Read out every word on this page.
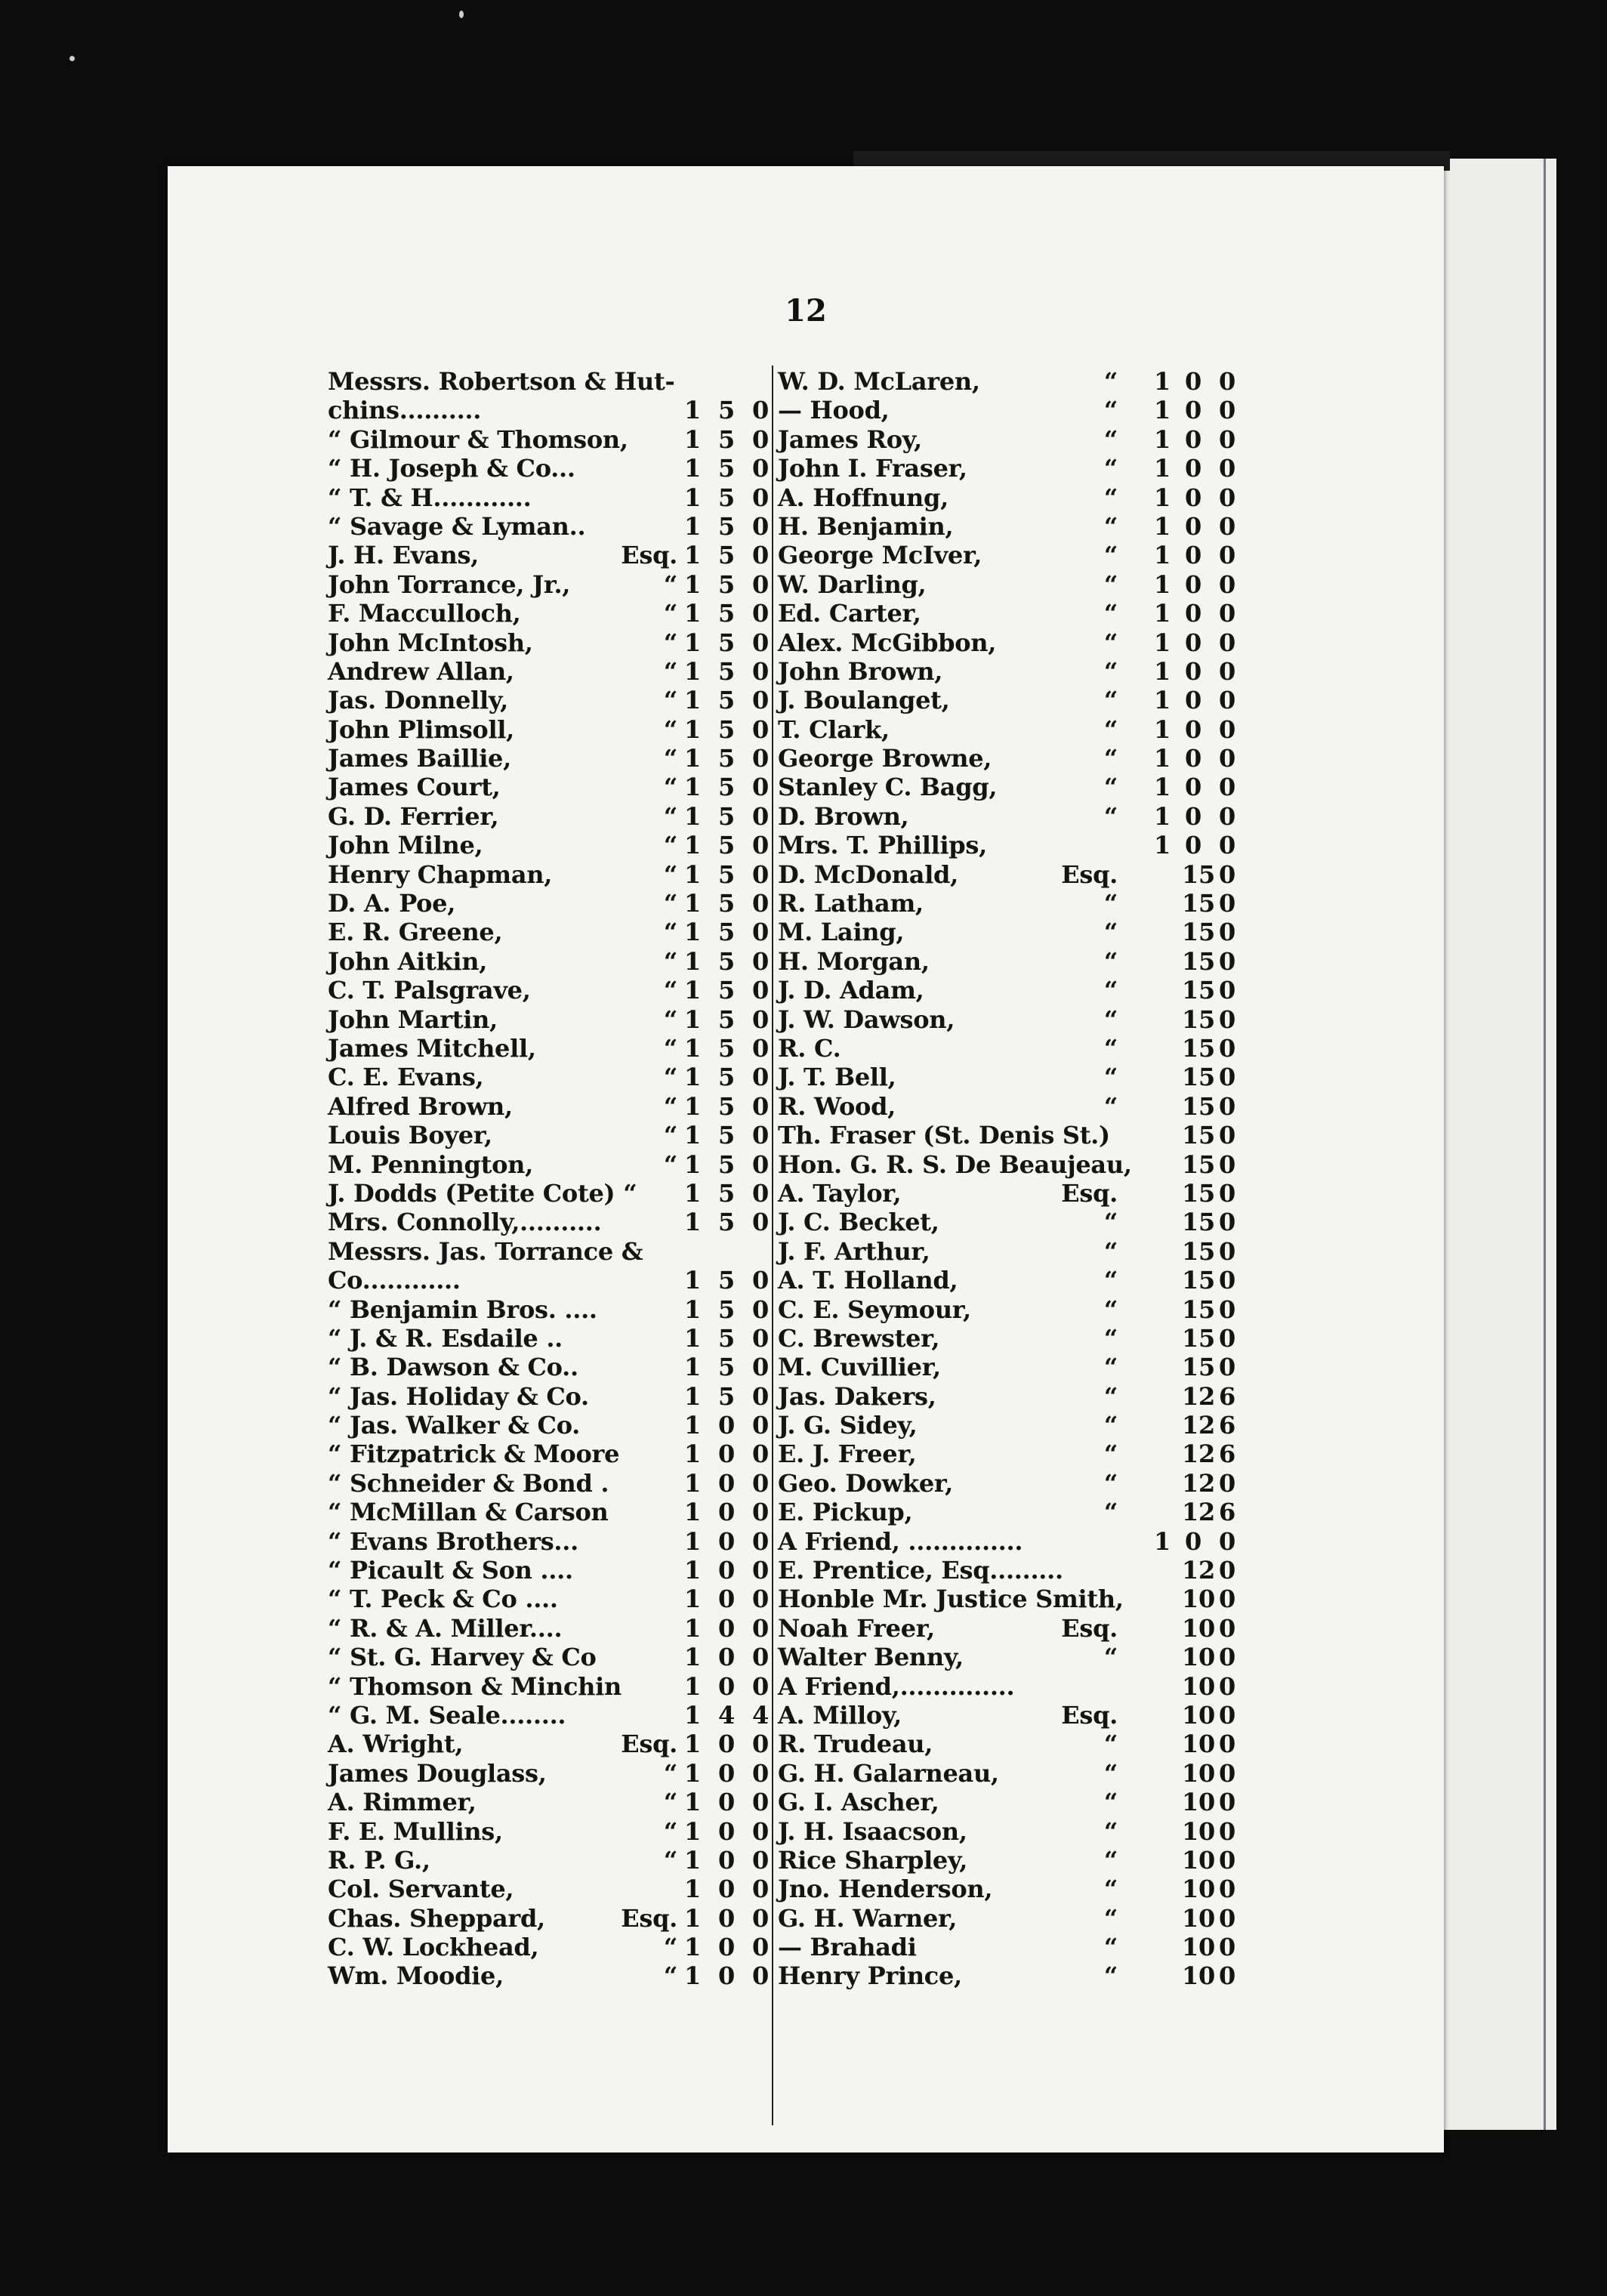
12
Messrs. Robertson & Hut-
chins..........	1 5 0
“ Gilmour & Thomson, 1 5 0
“ H. Joseph & Co...	1 5 0
“ T. & H............	1 5 0
“ Savage & Lyman..	1 5 0
J. H. Evans,	Esq. 1 5 0
John Torrance, Jr.,	“ 1 5 0
F. Macculloch,	“ 1 5 0
John McIntosh,	“ 1 5 0
Andrew Allan,	“ 1 5 0
Jas. Donnelly,	“ 1 5 0
John Plimsoll,	“ 1 5 0
James Baillie,	“ 1 5 0
James Court,	“ 1 5 0
G. D. Ferrier,	“ 1 5 0
John Milne,	“ 1 5 0
Henry Chapman,	“ 1 5 0
D. A. Poe,	“ 1 5 0
E. R. Greene,	“ 1 5 0
John Aitkin,	“ 1 5 0
C. T. Palsgrave,	“ 1 5 0
John Martin,	“ 1 5 0
James Mitchell,	“ 1 5 0
C. E. Evans,	“ 1 5 0
Alfred Brown,	“ 1 5 0
Louis Boyer,	“ 1 5 0
M. Pennington,	“ 1 5 0
J. Dodds (Petite Cote) “ 1 5 0
Mrs. Connolly,..........	1 5 0
Messrs. Jas. Torrance &
Co............	1 5 0
“ Benjamin Bros. ....	1 5 0
“ J. & R. Esdaile ..	1 5 0
“ B. Dawson & Co..	1 5 0
“ Jas. Holiday & Co.	1 5 0
“ Jas. Walker & Co.	1 0 0
“ Fitzpatrick & Moore	1 0 0
“ Schneider & Bond .	1 0 0
“ McMillan & Carson	1 0 0
“ Evans Brothers...	1 0 0
“ Picault & Son ....	1 0 0
“ T. Peck & Co ....	1 0 0
“ R. & A. Miller....	1 0 0
“ St. G. Harvey & Co	1 0 0
“ Thomson & Minchin	1 0 0
“ G. M. Seale........	1 4 4
A. Wright,	Esq. 1 0 0
James Douglass,	“ 1 0 0
A. Rimmer,	“ 1 0 0
F. E. Mullins,	“ 1 0 0
R. P. G.,	“ 1 0 0
Col. Servante,	1 0 0
Chas. Sheppard,	Esq. 1 0 0
C. W. Lockhead,	“ 1 0 0
Wm. Moodie,	“ 1 0 0
W. D. McLaren,	“	1 0 0
— Hood,	“	1 0 0
James Roy,	“	1 0 0
John I. Fraser,	“	1 0 0
A. Hoffnung,	“	1 0 0
H. Benjamin,	“	1 0 0
George McIver,	“	1 0 0
W. Darling,	“	1 0 0
Ed. Carter,	“	1 0 0
Alex. McGibbon,	“	1 0 0
John Brown,	“	1 0 0
J. Boulanget,	“	1 0 0
T. Clark,	“	1 0 0
George Browne,	“	1 0 0
Stanley C. Bagg,	“	1 0 0
D. Brown,	“	1 0 0
Mrs. T. Phillips,	1 0 0
D. McDonald,	Esq.	15 0
R. Latham,	“	15 0
M. Laing,	“	15 0
H. Morgan,	“	15 0
J. D. Adam,	“	15 0
J. W. Dawson,	“	15 0
R. C.	“	15 0
J. T. Bell,	“	15 0
R. Wood,	“	15 0
Th. Fraser (St. Denis St.)	15 0
Hon. G. R. S. De Beaujeau, 15 0
A. Taylor,	Esq.	15 0
J. C. Becket,	“	15 0
J. F. Arthur,	“	15 0
A. T. Holland,	“	15 0
C. E. Seymour,	“	15 0
C. Brewster,	“	15 0
M. Cuvillier,	“	15 0
Jas. Dakers,	“	12 6
J. G. Sidey,	“	12 6
E. J. Freer,	“	12 6
Geo. Dowker,	“	12 0
E. Pickup,	“	12 6
A Friend, ..............	1 0 0
E. Prentice, Esq.........	12 0
Honble Mr. Justice Smith, 10 0
Noah Freer,	Esq.	10 0
Walter Benny,	“	10 0
A Friend,..............	10 0
A. Milloy,	Esq.	10 0
R. Trudeau,	“	10 0
G. H. Galarneau,	“	10 0
G. I. Ascher,	“	10 0
J. H. Isaacson,	“	10 0
Rice Sharpley,	“	10 0
Jno. Henderson,	“	10 0
G. H. Warner,	“	10 0
— Brahadi	“	10 0
Henry Prince,	“	10 0
